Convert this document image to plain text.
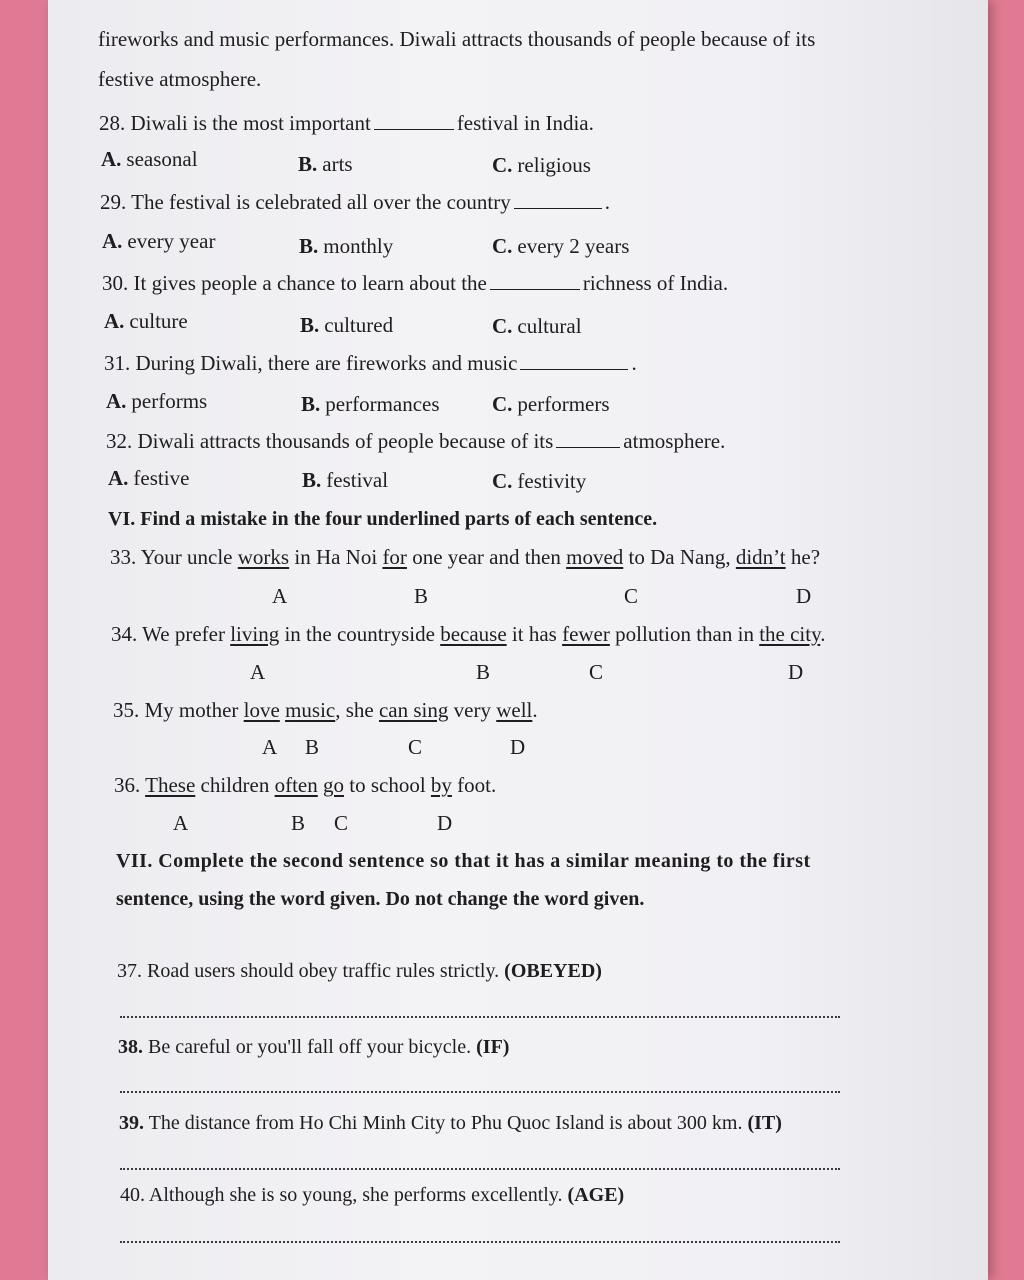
fireworks and music performances. Diwali attracts thousands of people because of its
festive atmosphere.
28. Diwali is the most important	festival in India.
A. seasonal	B. arts	C. religious
29. The festival is celebrated all over the country	.
A. every year	B. monthly	C. every 2 years
30. It gives people a chance to learn about the	richness of India.
A. culture	B. cultured	C. cultural
31. During Diwali, there are fireworks and music	.
A. performs	B. performances C. performers
32. Diwali attracts thousands of people because of its	atmosphere.
A. festive	B. festival	C. festivity
VI. Find a mistake in the four underlined parts of each sentence.
33. Your uncle works in Ha Noi for one year and then moved to Da Nang, didn’t he?
A	B	C	D
34. We prefer living in the countryside because it has fewer pollution than in the city.
A	B	C	D
35. My mother love music, she can sing very well.
A B	C	D
36. These children often go to school by foot.
A	B C	D
VII. Complete the second sentence so that it has a similar meaning to the first
sentence, using the word given. Do not change the word given.
37. Road users should obey traffic rules strictly. (OBEYED)
38. Be careful or you'll fall off your bicycle. (IF)
39. The distance from Ho Chi Minh City to Phu Quoc Island is about 300 km. (IT)
40. Although she is so young, she performs excellently. (AGE)
